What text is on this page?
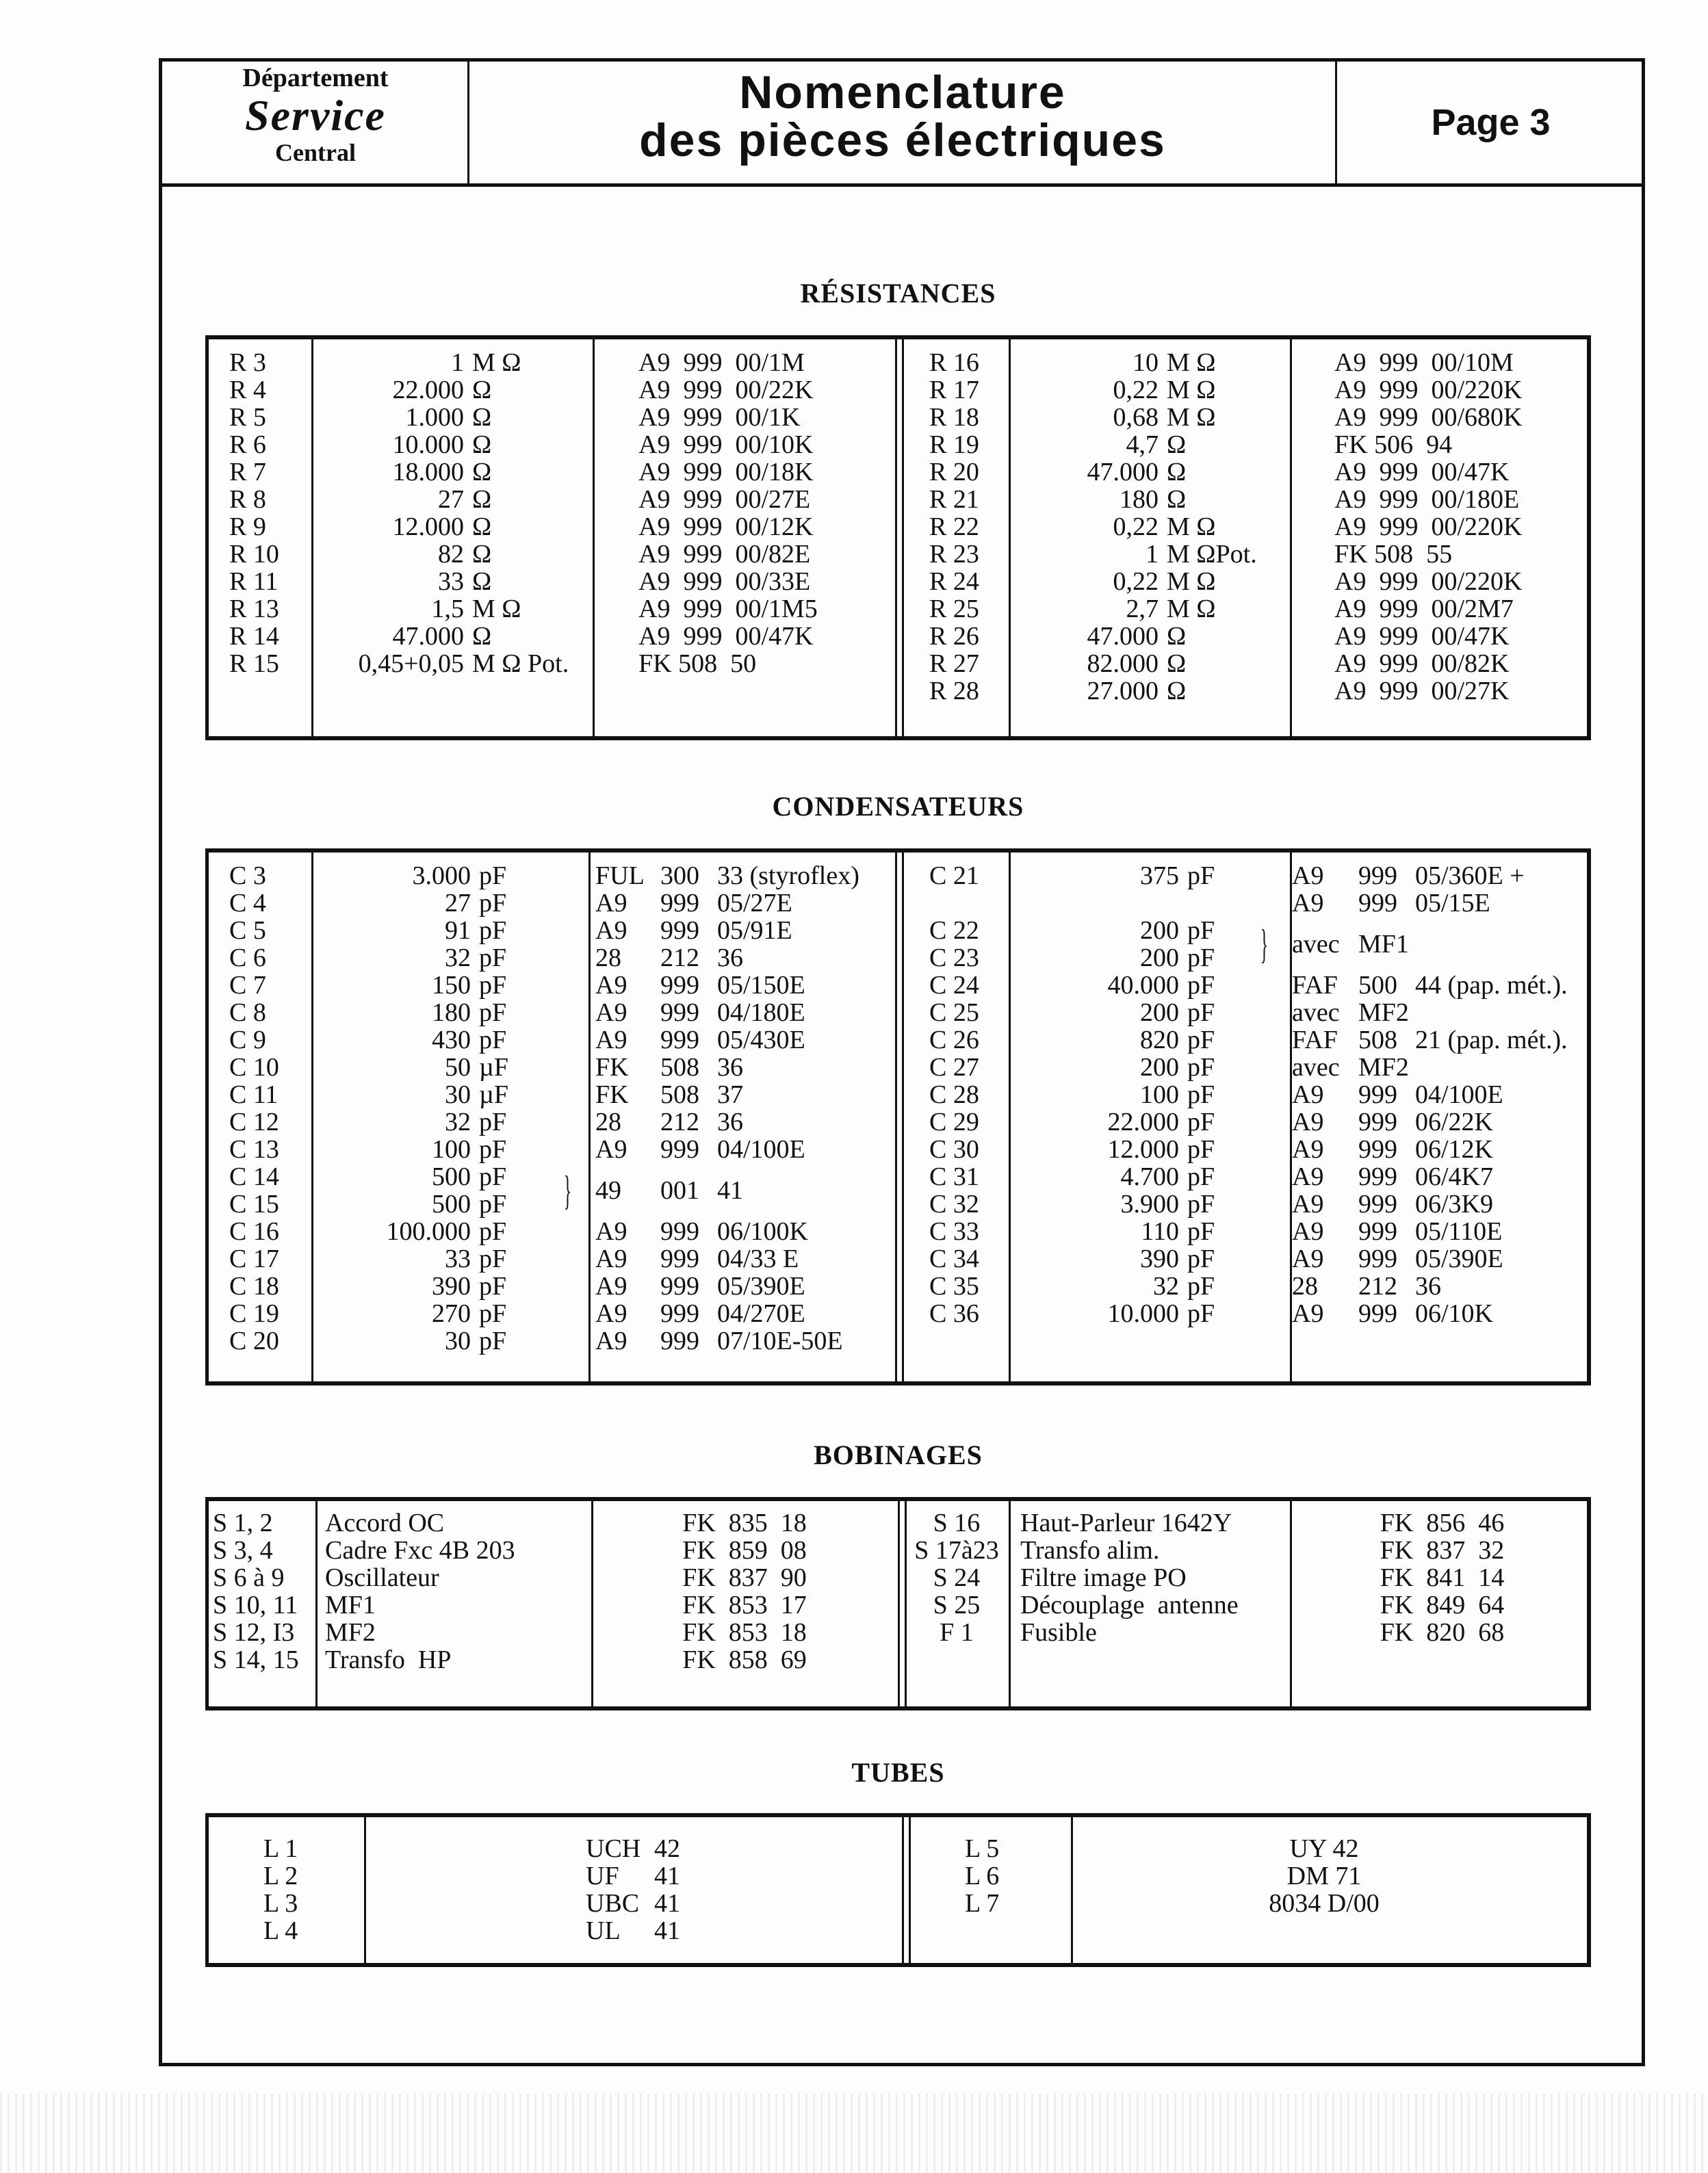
Département
Service
Central
Nomenclature
des pièces électriques	Page 3
RÉSISTANCES
R 3
R 4
R 5
R 6
R 7
R 8
R 9
R 10
R 11
R 13
R 14
R 15
1 M Ω
22.000 Ω
1.000 Ω
10.000 Ω
18.000 Ω
27 Ω
12.000 Ω
82 Ω
33 Ω
1,5 M Ω
47.000 Ω
0,45+0,05 M Ω Pot.
A9  999  00/1M
A9  999  00/22K
A9  999  00/1K
A9  999  00/10K
A9  999  00/18K
A9  999  00/27E
A9  999  00/12K
A9  999  00/82E
A9  999  00/33E
A9  999  00/1M5
A9  999  00/47K
FK 508  50
R 16
R 17
R 18
R 19
R 20
R 21
R 22
R 23
R 24
R 25
R 26
R 27
R 28
10 M Ω
0,22 M Ω
0,68 M Ω
4,7 Ω
47.000 Ω
180 Ω
0,22 M Ω
1 M ΩPot.
0,22 M Ω
2,7 M Ω
47.000 Ω
82.000 Ω
27.000 Ω
A9  999  00/10M
A9  999  00/220K
A9  999  00/680K
FK 506  94
A9  999  00/47K
A9  999  00/180E
A9  999  00/220K
FK 508  55
A9  999  00/220K
A9  999  00/2M7
A9  999  00/47K
A9  999  00/82K
A9  999  00/27K
CONDENSATEURS
C 3
C 4
C 5
C 6
C 7
C 8
C 9
C 10
C 11
C 12
C 13
C 14
C 15
C 16
C 17
C 18
C 19
C 20
3.000 pF
27 pF
91 pF
32 pF
150 pF
180 pF
430 pF
50 µF
30 µF
32 pF
100 pF
500 pF
500 pF
100.000 pF
33 pF
390 pF
270 pF
30 pF
FUL 300 33 (styroflex)
A9 999 05/27E
A9 999 05/91E
28 212 36
A9 999 05/150E
A9 999 04/180E
A9 999 05/430E
FK 508 36
FK 508 37
28 212 36
A9 999 04/100E
49 001 41
}
A9 999 06/100K
A9 999 04/33 E
A9 999 05/390E
A9 999 04/270E
A9 999 07/10E-50E
C 21
C 22
C 23
C 24
C 25
C 26
C 27
C 28
C 29
C 30
C 31
C 32
C 33
C 34
C 35
C 36
375 pF
200 pF
200 pF
40.000 pF
200 pF
820 pF
200 pF
100 pF
22.000 pF
12.000 pF
4.700 pF
3.900 pF
110 pF
390 pF
32 pF
10.000 pF
A9 999 05/360E +
A9 999 05/15E
avec MF1
}
FAF 500 44 (pap. mét.).
avec MF2
FAF 508 21 (pap. mét.).
avec MF2
A9 999 04/100E
A9 999 06/22K
A9 999 06/12K
A9 999 06/4K7
A9 999 06/3K9
A9 999 05/110E
A9 999 05/390E
28 212 36
A9 999 06/10K
BOBINAGES
S 1, 2
S 3, 4
S 6 à 9
S 10, 11
S 12, I3
S 14, 15
Accord OC
Cadre Fxc 4B 203
Oscillateur
MF1
MF2
Transfo  HP
FK  835  18
FK  859  08
FK  837  90
FK  853  17
FK  853  18
FK  858  69
S 16
S 17à23
S 24
S 25
F 1
Haut-Parleur 1642Y
Transfo alim.
Filtre image PO
Découplage  antenne
Fusible
FK  856  46
FK  837  32
FK  841  14
FK  849  64
FK  820  68
TUBES
L 1
L 2
L 3
L 4
UCH 42
UF 41
UBC 41
UL 41
L 5
L 6
L 7
UY 42
DM 71
8034 D/00
